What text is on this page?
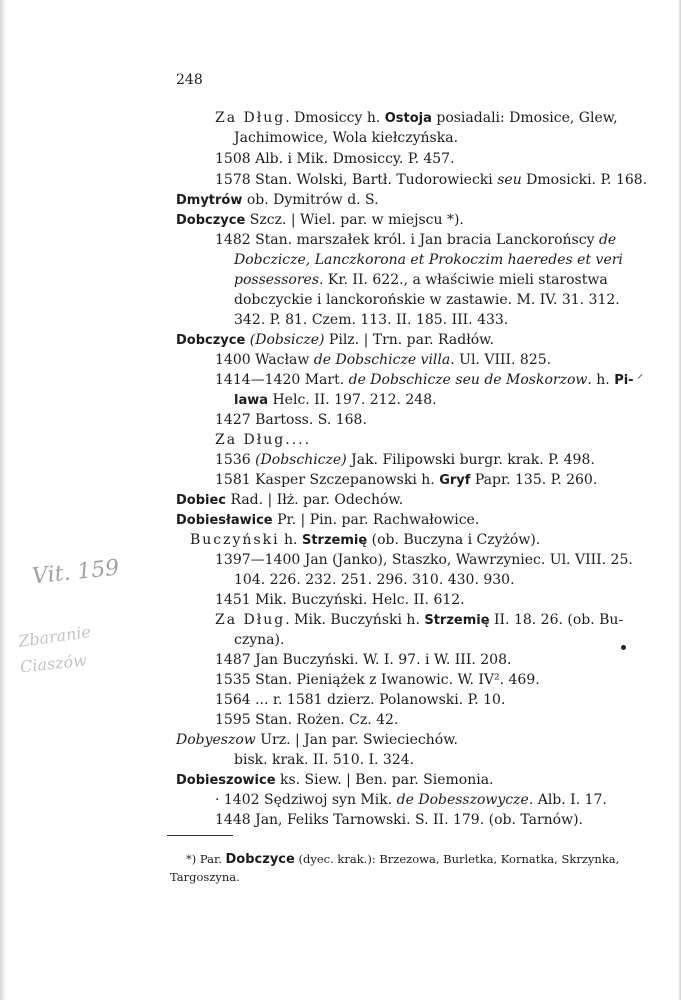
248
Za Dług. Dmosiccy h. Ostoja posiadali: Dmosice, Glew,
Jachimowice, Wola kiełczyńska.
1508 Alb. i Mik. Dmosiccy. P. 457.
1578 Stan. Wolski, Bartł. Tudorowiecki seu Dmosicki. P. 168.
Dmytrów ob. Dymitrów d. S.
Dobczyce Szcz. | Wiel. par. w miejscu *).
1482 Stan. marszałek król. i Jan bracia Lanckorońscy de
Dobczicze, Lanczkorona et Prokoczim haeredes et veri
possessores. Kr. II. 622., a właściwie mieli starostwa
dobczyckie i lanckorońskie w zastawie. M. IV. 31. 312.
342. P. 81. Czem. 113. II. 185. III. 433.
Dobczyce (Dobsicze) Pilz. | Trn. par. Radłów.
1400 Wacław de Dobschicze villa. Ul. VIII. 825.
1414—1420 Mart. de Dobschicze seu de Moskorzow. h. Pi-
lawa Helc. II. 197. 212. 248.
1427 Bartoss. S. 168.
Za Dług....
1536 (Dobschicze) Jak. Filipowski burgr. krak. P. 498.
1581 Kasper Szczepanowski h. Gryf Papr. 135. P. 260.
Dobiec Rad. | Iłż. par. Odechów.
Dobiesławice Pr. | Pin. par. Rachwałowice.
Buczyński h. Strzemię (ob. Buczyna i Czyżów).
1397—1400 Jan (Janko), Staszko, Wawrzyniec. Ul. VIII. 25.
104. 226. 232. 251. 296. 310. 430. 930.
1451 Mik. Buczyński. Helc. II. 612.
Za Dług. Mik. Buczyński h. Strzemię II. 18. 26. (ob. Bu-
czyna).
1487 Jan Buczyński. W. I. 97. i W. III. 208.
1535 Stan. Pieniążek z Iwanowic. W. IV². 469.
1564 ... r. 1581 dzierz. Polanowski. P. 10.
1595 Stan. Rożen. Cz. 42.
Dobyeszow Urz. | Jan par. Swieciechów.
bisk. krak. II. 510. I. 324.
Dobieszowice ks. Siew. | Ben. par. Siemonia.
· 1402 Sędziwoj syn Mik. de Dobesszowycze. Alb. I. 17.
1448 Jan, Feliks Tarnowski. S. II. 179. (ob. Tarnów).
*) Par. Dobczyce (dyec. krak.): Brzezowa, Burletka, Kornatka, Skrzynka,
Targoszyna.
Vit. 159
Zbaranie
Ciaszów
